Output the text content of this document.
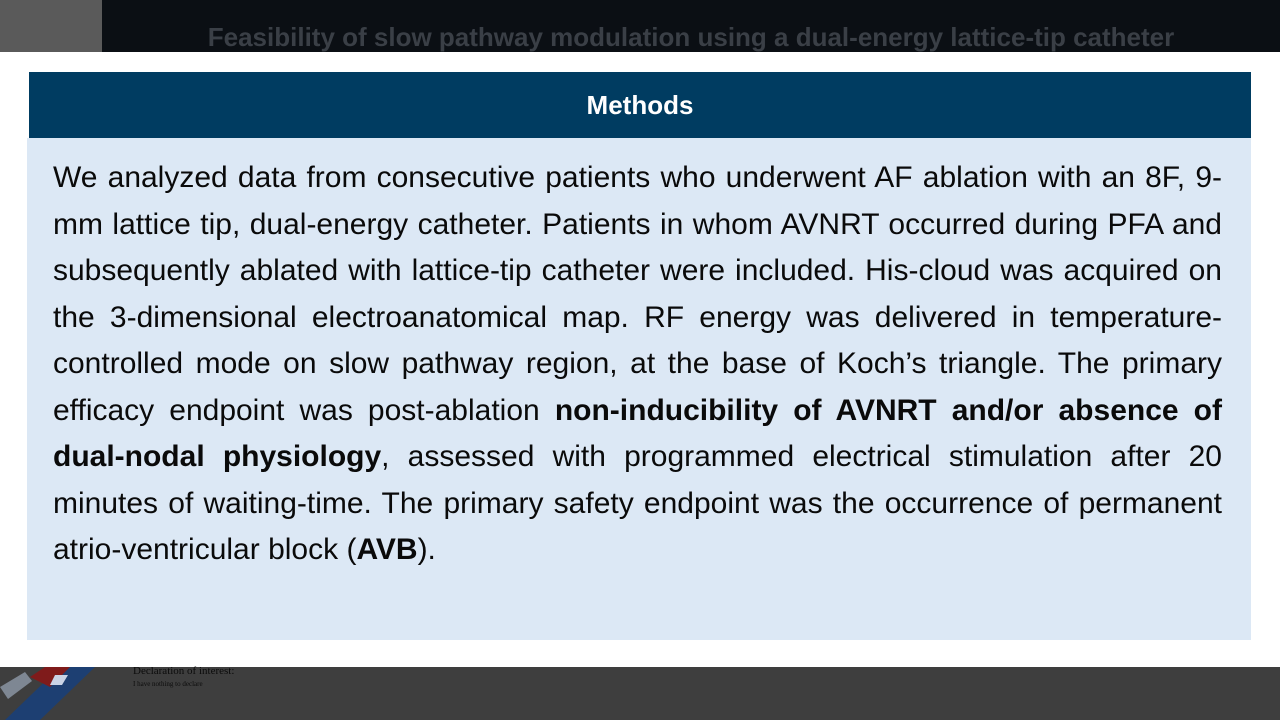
Feasibility of slow pathway modulation using a dual-energy lattice-tip catheter
Declaration of interest:
I have nothing to declare
Methods

We analyzed data from consecutive patients who underwent AF ablation with an 8F, 9-mm lattice tip, dual-energy catheter. Patients in whom AVNRT occurred during PFA and subsequently ablated with lattice-tip catheter were included. His-cloud was acquired on the 3-dimensional electroanatomical map. RF energy was delivered in temperature-controlled mode on slow pathway region, at the base of Koch’s triangle. The primary efficacy endpoint was post-ablation non-inducibility of AVNRT and/or absence of dual-nodal physiology, assessed with programmed electrical stimulation after 20 minutes of waiting-time. The primary safety endpoint was the occurrence of permanent atrio-ventricular block (AVB).
